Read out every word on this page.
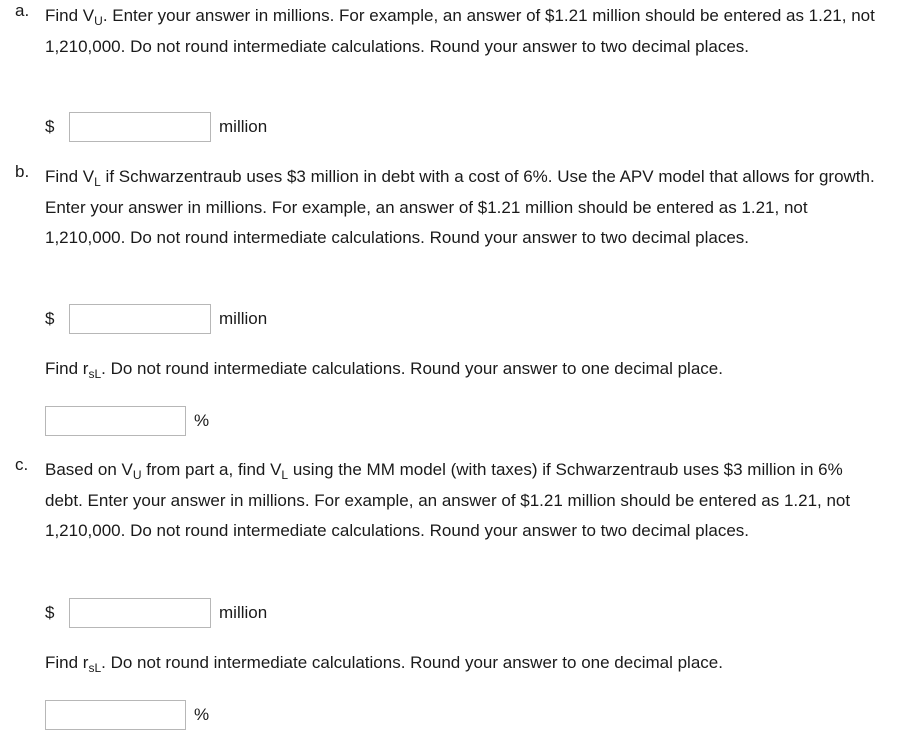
a. Find $V_U$. Enter your answer in millions. For example, an answer of $1.21 million should be entered as 1.21, not 1,210,000. Do not round intermediate calculations. Round your answer to two decimal places.
$	million
b. Find $V_L$ if Schwarzentraub uses $3 million in debt with a cost of 6%. Use the APV model that allows for growth. Enter your answer in millions. For example, an answer of $1.21 million should be entered as 1.21, not 1,210,000. Do not round intermediate calculations. Round your answer to two decimal places.
$	million
Find $r_{sL}$. Do not round intermediate calculations. Round your answer to one decimal place.
%
c. Based on $V_U$ from part a, find $V_L$ using the MM model (with taxes) if Schwarzentraub uses $3 million in 6% debt. Enter your answer in millions. For example, an answer of $1.21 million should be entered as 1.21, not 1,210,000. Do not round intermediate calculations. Round your answer to two decimal places.
$	million
Find $r_{sL}$. Do not round intermediate calculations. Round your answer to one decimal place.
%
